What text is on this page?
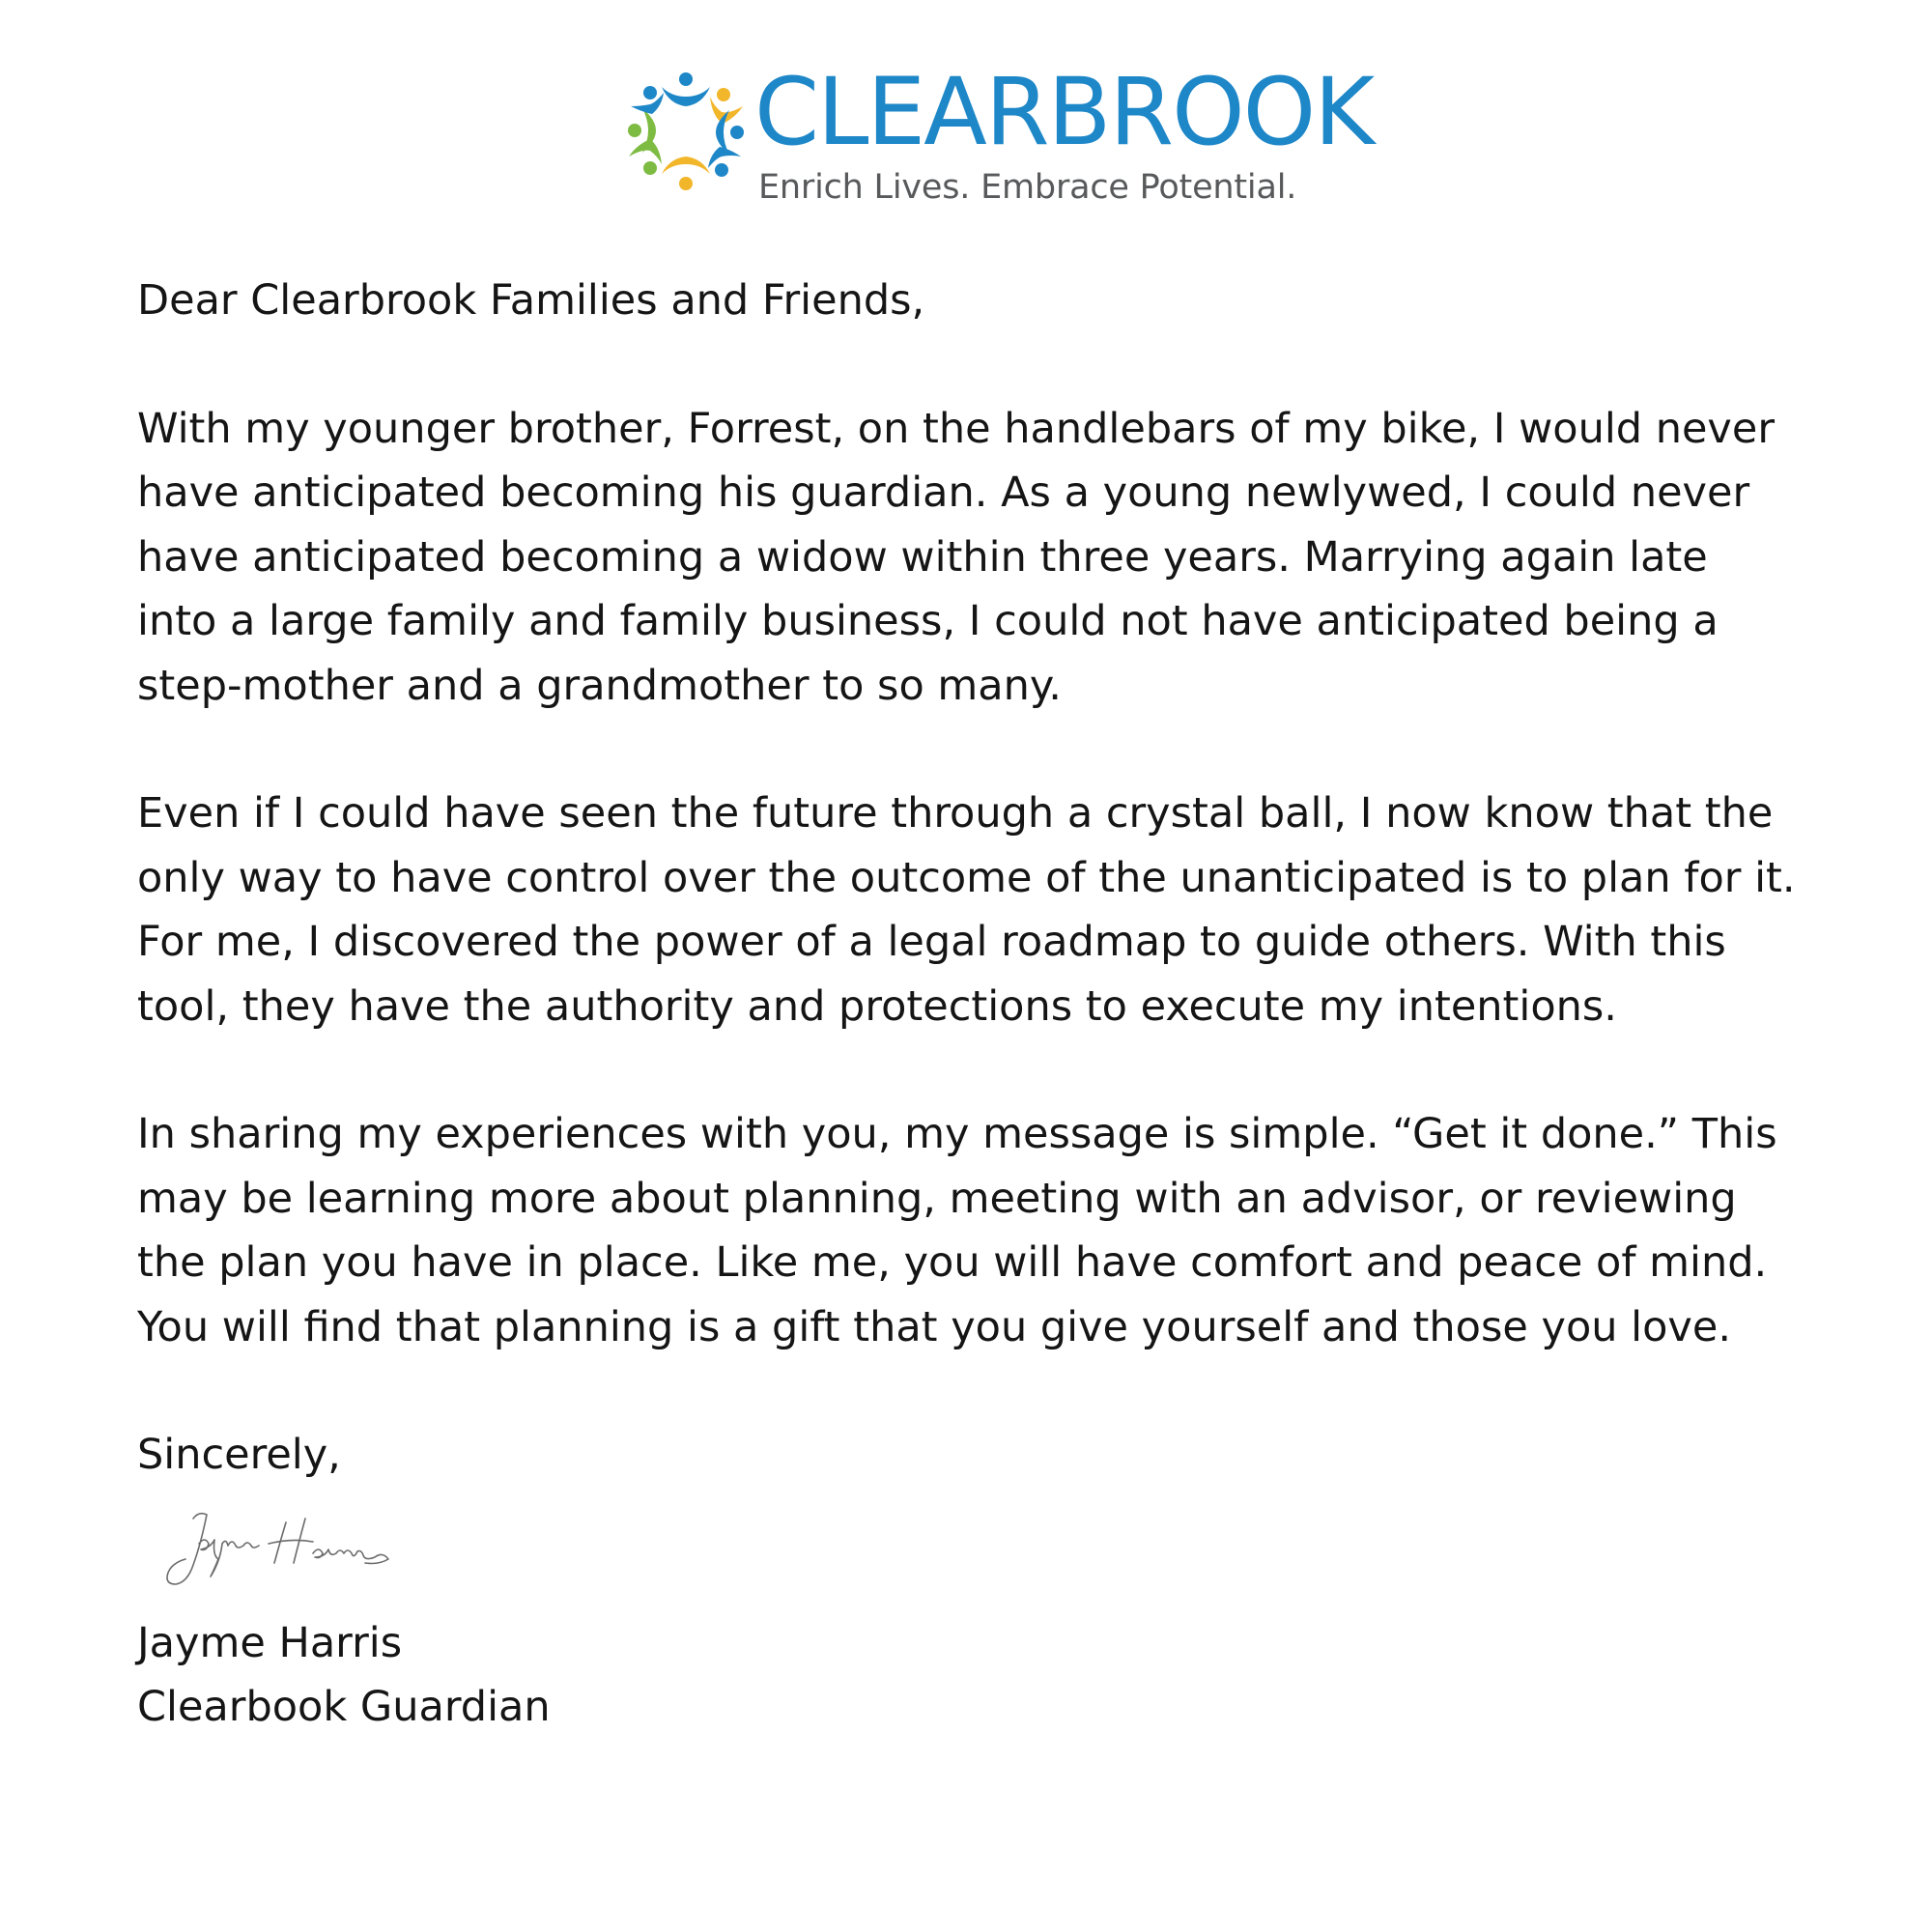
CLEARBROOK
Enrich Lives. Embrace Potential.

Dear Clearbrook Families and Friends,

With my younger brother, Forrest, on the handlebars of my bike, I would never have anticipated becoming his guardian. As a young newlywed, I could never have anticipated becoming a widow within three years. Marrying again late into a large family and family business, I could not have anticipated being a step-mother and a grandmother to so many.

Even if I could have seen the future through a crystal ball, I now know that the only way to have control over the outcome of the unanticipated is to plan for it. For me, I discovered the power of a legal roadmap to guide others. With this tool, they have the authority and protections to execute my intentions.

In sharing my experiences with you, my message is simple. “Get it done.” This may be learning more about planning, meeting with an advisor, or reviewing the plan you have in place. Like me, you will have comfort and peace of mind. You will find that planning is a gift that you give yourself and those you love.

Sincerely,

Jayme Harris

Clearbook Guardian
